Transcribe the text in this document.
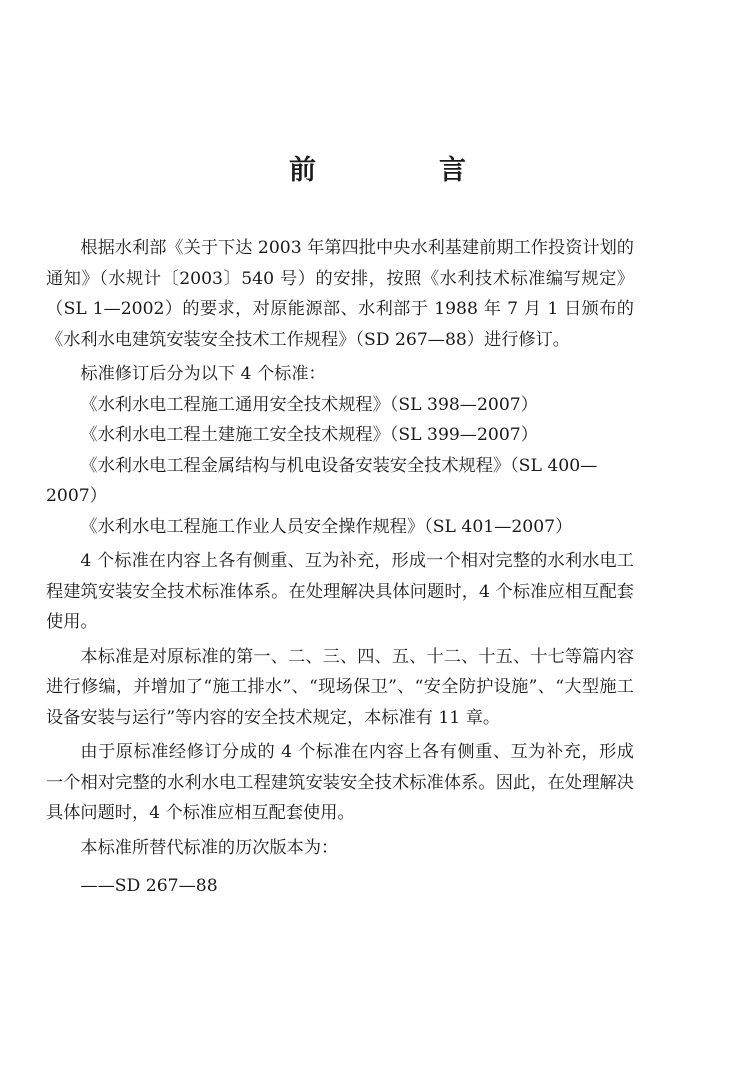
前　言

根据水利部《关于下达 2003 年第四批中央水利基建前期工作投资计划的通知》（水规计〔2003〕540 号）的安排，按照《水利技术标准编写规定》（SL 1—2002）的要求，对原能源部、水利部于 1988 年 7 月 1 日颁布的《水利水电建筑安装安全技术工作规程》（SD 267—88）进行修订。

标准修订后分为以下 4 个标准：

《水利水电工程施工通用安全技术规程》（SL 398—2007）

《水利水电工程土建施工安全技术规程》（SL 399—2007）

《水利水电工程金属结构与机电设备安装安全技术规程》（SL 400—2007）

《水利水电工程施工作业人员安全操作规程》（SL 401—2007）

4 个标准在内容上各有侧重、互为补充，形成一个相对完整的水利水电工程建筑安装安全技术标准体系。在处理解决具体问题时，4 个标准应相互配套使用。

本标准是对原标准的第一、二、三、四、五、十二、十五、十七等篇内容进行修编，并增加了“施工排水”、“现场保卫”、“安全防护设施”、“大型施工设备安装与运行”等内容的安全技术规定，本标准有 11 章。

由于原标准经修订分成的 4 个标准在内容上各有侧重、互为补充，形成一个相对完整的水利水电工程建筑安装安全技术标准体系。因此，在处理解决具体问题时，4 个标准应相互配套使用。

本标准所替代标准的历次版本为：

——SD 267—88
